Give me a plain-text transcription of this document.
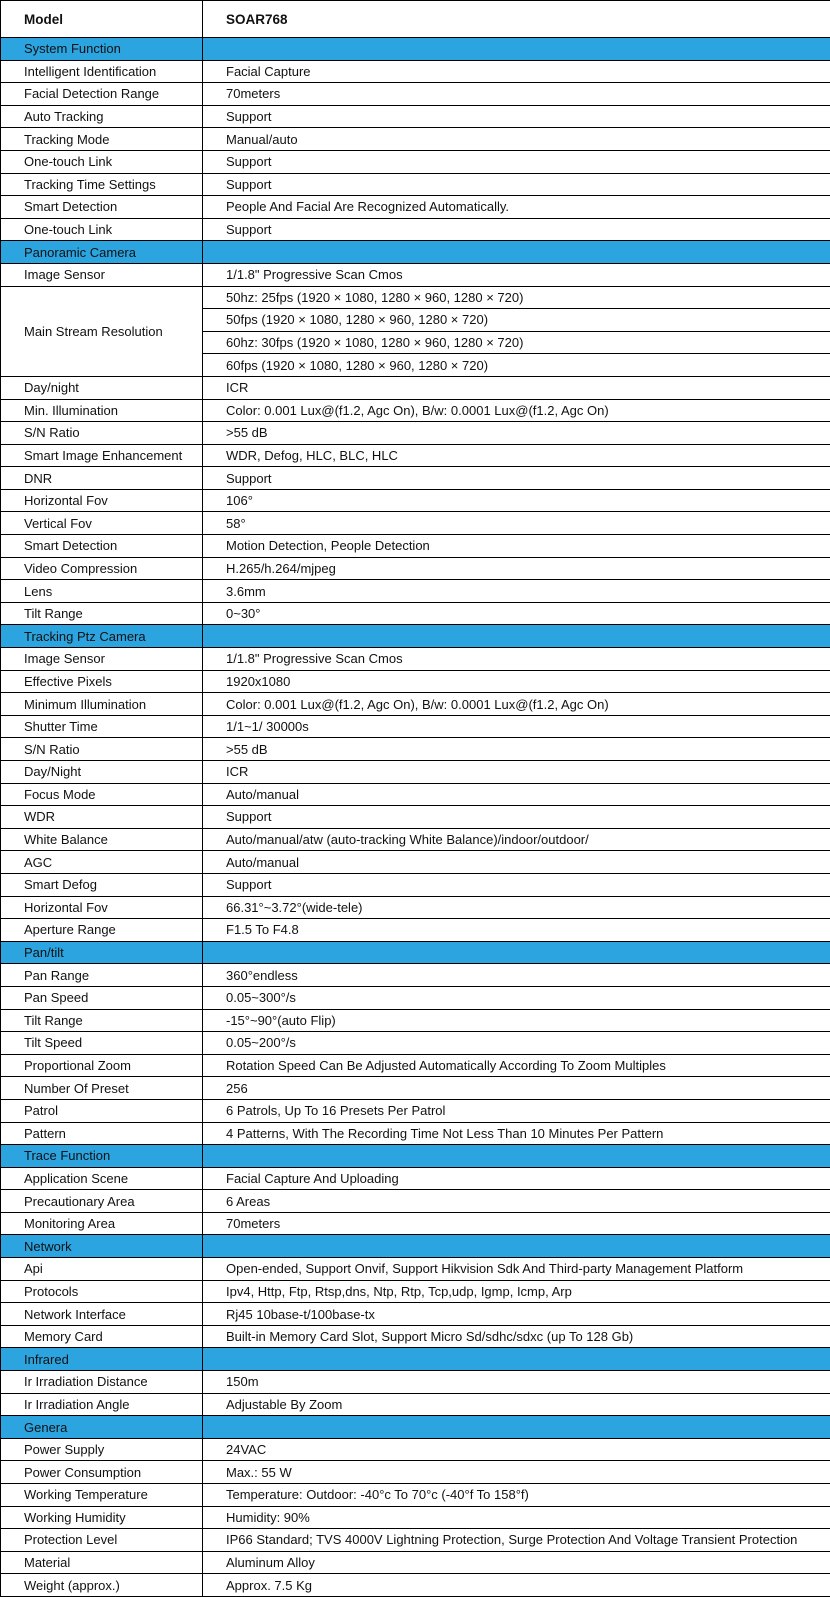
Model	SOAR768
System Function	
Intelligent Identification	Facial Capture
Facial Detection Range	70meters
Auto Tracking	Support
Tracking Mode	Manual/auto
One-touch Link	Support
Tracking Time Settings	Support
Smart Detection	People And Facial Are Recognized Automatically.
One-touch Link	Support
Panoramic Camera	
Image Sensor	1/1.8" Progressive Scan Cmos
Main Stream Resolution	50hz: 25fps (1920 × 1080, 1280 × 960, 1280 × 720)
	50fps (1920 × 1080, 1280 × 960, 1280 × 720)
	60hz: 30fps (1920 × 1080, 1280 × 960, 1280 × 720)
	60fps (1920 × 1080, 1280 × 960, 1280 × 720)
Day/night	ICR
Min. Illumination	Color: 0.001 Lux@(f1.2, Agc On), B/w: 0.0001 Lux@(f1.2, Agc On)
S/N Ratio	>55 dB
Smart Image Enhancement	WDR, Defog, HLC, BLC, HLC
DNR	Support
Horizontal Fov	106°
Vertical Fov	58°
Smart Detection	Motion Detection, People Detection
Video Compression	H.265/h.264/mjpeg
Lens	3.6mm
Tilt Range	0~30°
Tracking Ptz Camera	
Image Sensor	1/1.8" Progressive Scan Cmos
Effective Pixels	1920x1080
Minimum Illumination	Color: 0.001 Lux@(f1.2, Agc On), B/w: 0.0001 Lux@(f1.2, Agc On)
Shutter Time	1/1~1/ 30000s
S/N Ratio	>55 dB
Day/Night	ICR
Focus Mode	Auto/manual
WDR	Support
White Balance	Auto/manual/atw (auto-tracking White Balance)/indoor/outdoor/
AGC	Auto/manual
Smart Defog	Support
Horizontal Fov	66.31°~3.72°(wide-tele)
Aperture Range	F1.5 To F4.8
Pan/tilt	
Pan Range	360°endless
Pan Speed	0.05~300°/s
Tilt Range	-15°~90°(auto Flip)
Tilt Speed	0.05~200°/s
Proportional Zoom	Rotation Speed Can Be Adjusted Automatically According To Zoom Multiples
Number Of Preset	256
Patrol	6 Patrols, Up To 16 Presets Per Patrol
Pattern	4 Patterns, With The Recording Time Not Less Than 10 Minutes Per Pattern
Trace Function	
Application Scene	Facial Capture And Uploading
Precautionary Area	6 Areas
Monitoring Area	70meters
Network	
Api	Open-ended, Support Onvif, Support Hikvision Sdk And Third-party Management Platform
Protocols	Ipv4, Http, Ftp, Rtsp,dns, Ntp, Rtp, Tcp,udp, Igmp, Icmp, Arp
Network Interface	Rj45 10base-t/100base-tx
Memory Card	Built-in Memory Card Slot, Support Micro Sd/sdhc/sdxc (up To 128 Gb)
Infrared	
Ir Irradiation Distance	150m
Ir Irradiation Angle	Adjustable By Zoom
Genera	
Power Supply	24VAC
Power Consumption	Max.: 55 W
Working Temperature	Temperature: Outdoor: -40°c To 70°c (-40°f To 158°f)
Working Humidity	Humidity: 90%
Protection Level	IP66 Standard; TVS 4000V Lightning Protection, Surge Protection And Voltage Transient Protection
Material	Aluminum Alloy
Weight (approx.)	Approx. 7.5 Kg
